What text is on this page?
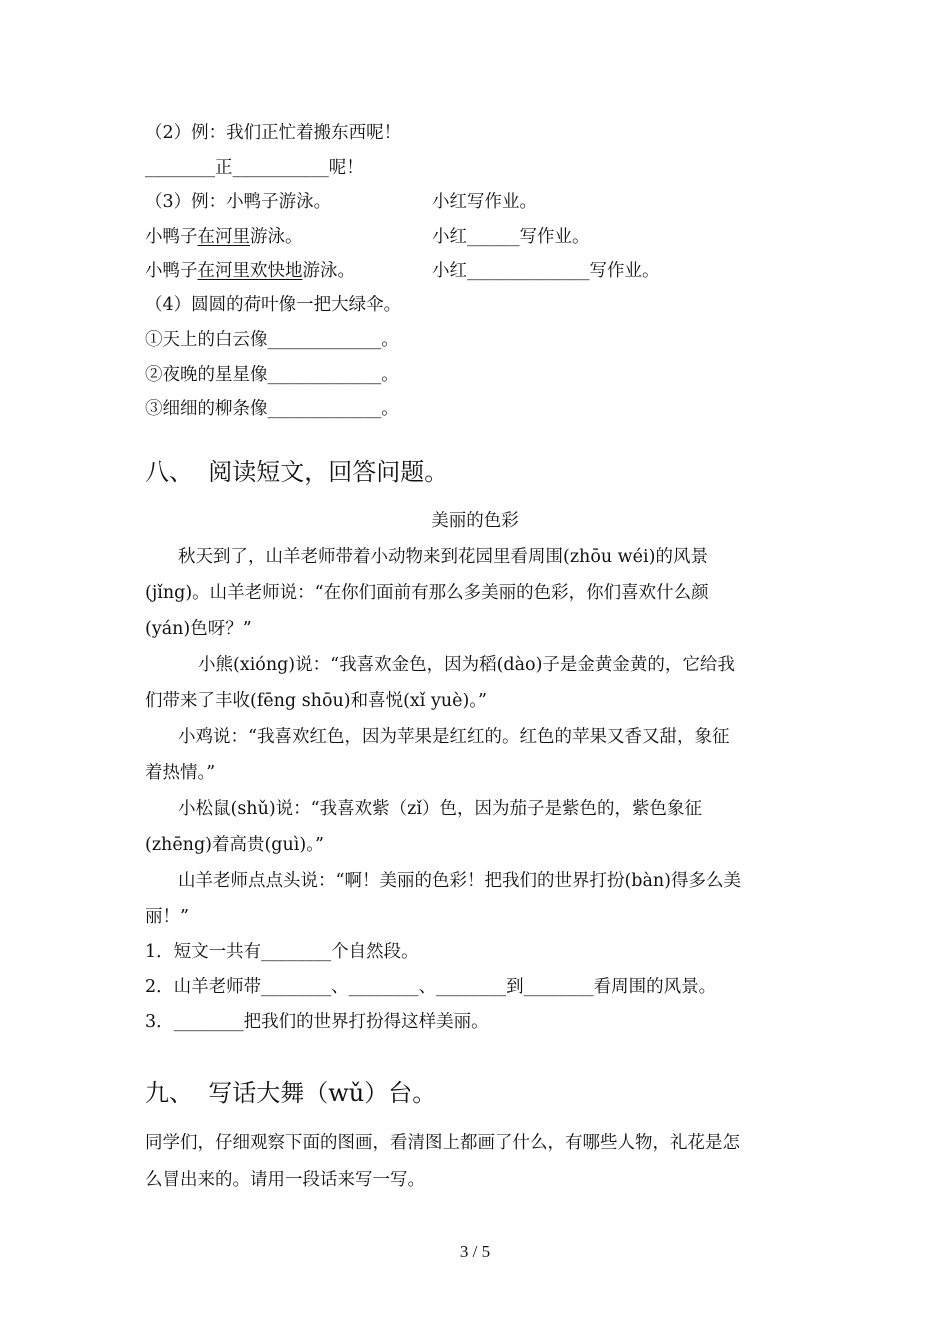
（2）例：我们正忙着搬东西呢！
________正___________呢！
（3）例：小鸭子游泳。	小红写作业。
小鸭子在河里游泳。	小红______写作业。
小鸭子在河里欢快地游泳。	小红______________写作业。
（4）圆圆的荷叶像一把大绿伞。
①天上的白云像_____________。
②夜晚的星星像_____________。
③细细的柳条像_____________。
八、  阅读短文，回答问题。
美丽的色彩
秋天到了，山羊老师带着小动物来到花园里看周围(zhōu wéi)的风景
(jǐng)。山羊老师说：“在你们面前有那么多美丽的色彩，你们喜欢什么颜
(yán)色呀？”
小熊(xióng)说：“我喜欢金色，因为稻(dào)子是金黄金黄的，它给我
们带来了丰收(fēng shōu)和喜悦(xǐ yuè)。”
小鸡说：“我喜欢红色，因为苹果是红红的。红色的苹果又香又甜，象征
着热情。”
小松鼠(shǔ)说：“我喜欢紫（zǐ）色，因为茄子是紫色的，紫色象征
(zhēng)着高贵(guì)。”
山羊老师点点头说：“啊！美丽的色彩！把我们的世界打扮(bàn)得多么美
丽！”
1．短文一共有________个自然段。
2．山羊老师带________、________、________到________看周围的风景。
3．________把我们的世界打扮得这样美丽。
九、  写话大舞（wǔ）台。
同学们，仔细观察下面的图画，看清图上都画了什么，有哪些人物，礼花是怎
么冒出来的。请用一段话来写一写。
3 / 5
